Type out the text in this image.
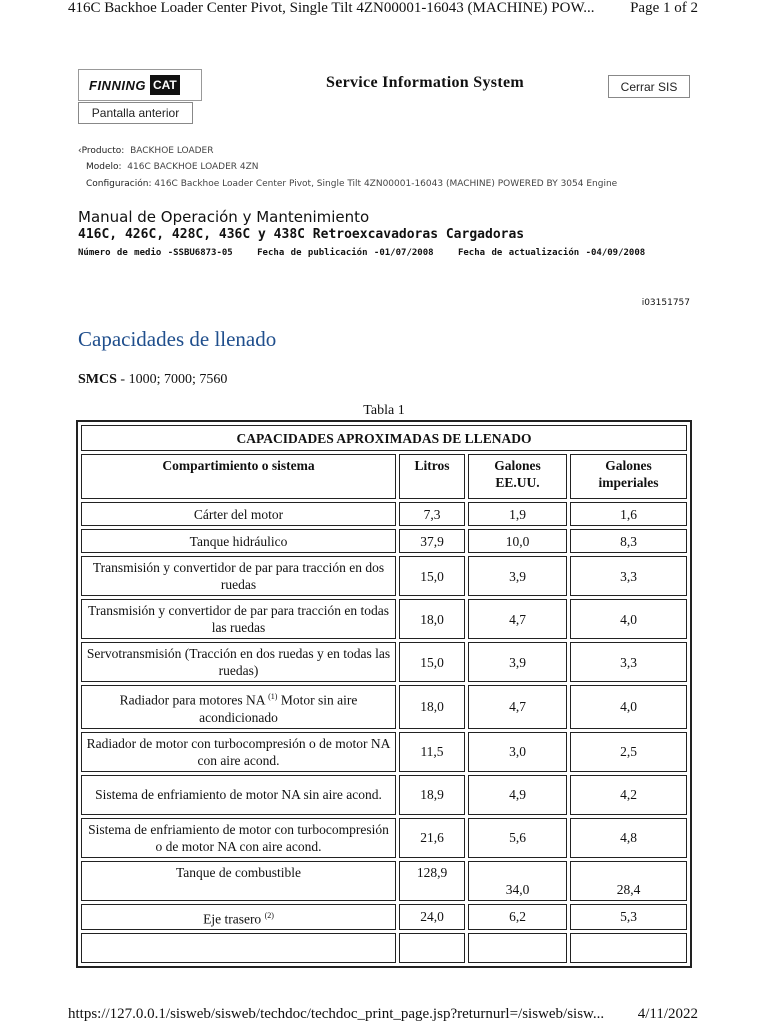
416C Backhoe Loader Center Pivot, Single Tilt 4ZN00001-16043 (MACHINE) POW... Page 1 of 2
FINNING CAT	Service Information System	Cerrar SIS
Pantalla anterior
‹Producto: BACKHOE LOADER
Modelo: 416C BACKHOE LOADER 4ZN
Configuración: 416C Backhoe Loader Center Pivot, Single Tilt 4ZN00001-16043 (MACHINE) POWERED BY 3054 Engine
Manual de Operación y Mantenimiento
416C, 426C, 428C, 436C y 438C Retroexcavadoras Cargadoras
Número de medio -SSBU6873-05	Fecha de publicación -01/07/2008	Fecha de actualización -04/09/2008
i03151757
Capacidades de llenado
SMCS - 1000; 7000; 7560
Tabla 1
CAPACIDADES APROXIMADAS DE LLENADO			
Compartimiento o sistema	Litros	Galones EE.UU.	Galones imperiales
Cárter del motor	7,3	1,9	1,6
Tanque hidráulico	37,9	10,0	8,3
Transmisión y convertidor de par para tracción en dos ruedas	15,0	3,9	3,3
Transmisión y convertidor de par para tracción en todas las ruedas	18,0	4,7	4,0
Servotransmisión (Tracción en dos ruedas y en todas las ruedas)	15,0	3,9	3,3
Radiador para motores NA $^{(1)}$ Motor sin aire acondicionado	18,0	4,7	4,0
Radiador de motor con turbocompresión o de motor NA con aire acond.	11,5	3,0	2,5
Sistema de enfriamiento de motor NA sin aire acond.	18,9	4,9	4,2
Sistema de enfriamiento de motor con turbocompresión o de motor NA con aire acond.	21,6	5,6	4,8
Tanque de combustible	128,9	34,0	28,4
Eje trasero $^{(2)}$	24,0	6,2	5,3

https://127.0.0.1/sisweb/sisweb/techdoc/techdoc_print_page.jsp?returnurl=/sisweb/sisw... 4/11/2022
